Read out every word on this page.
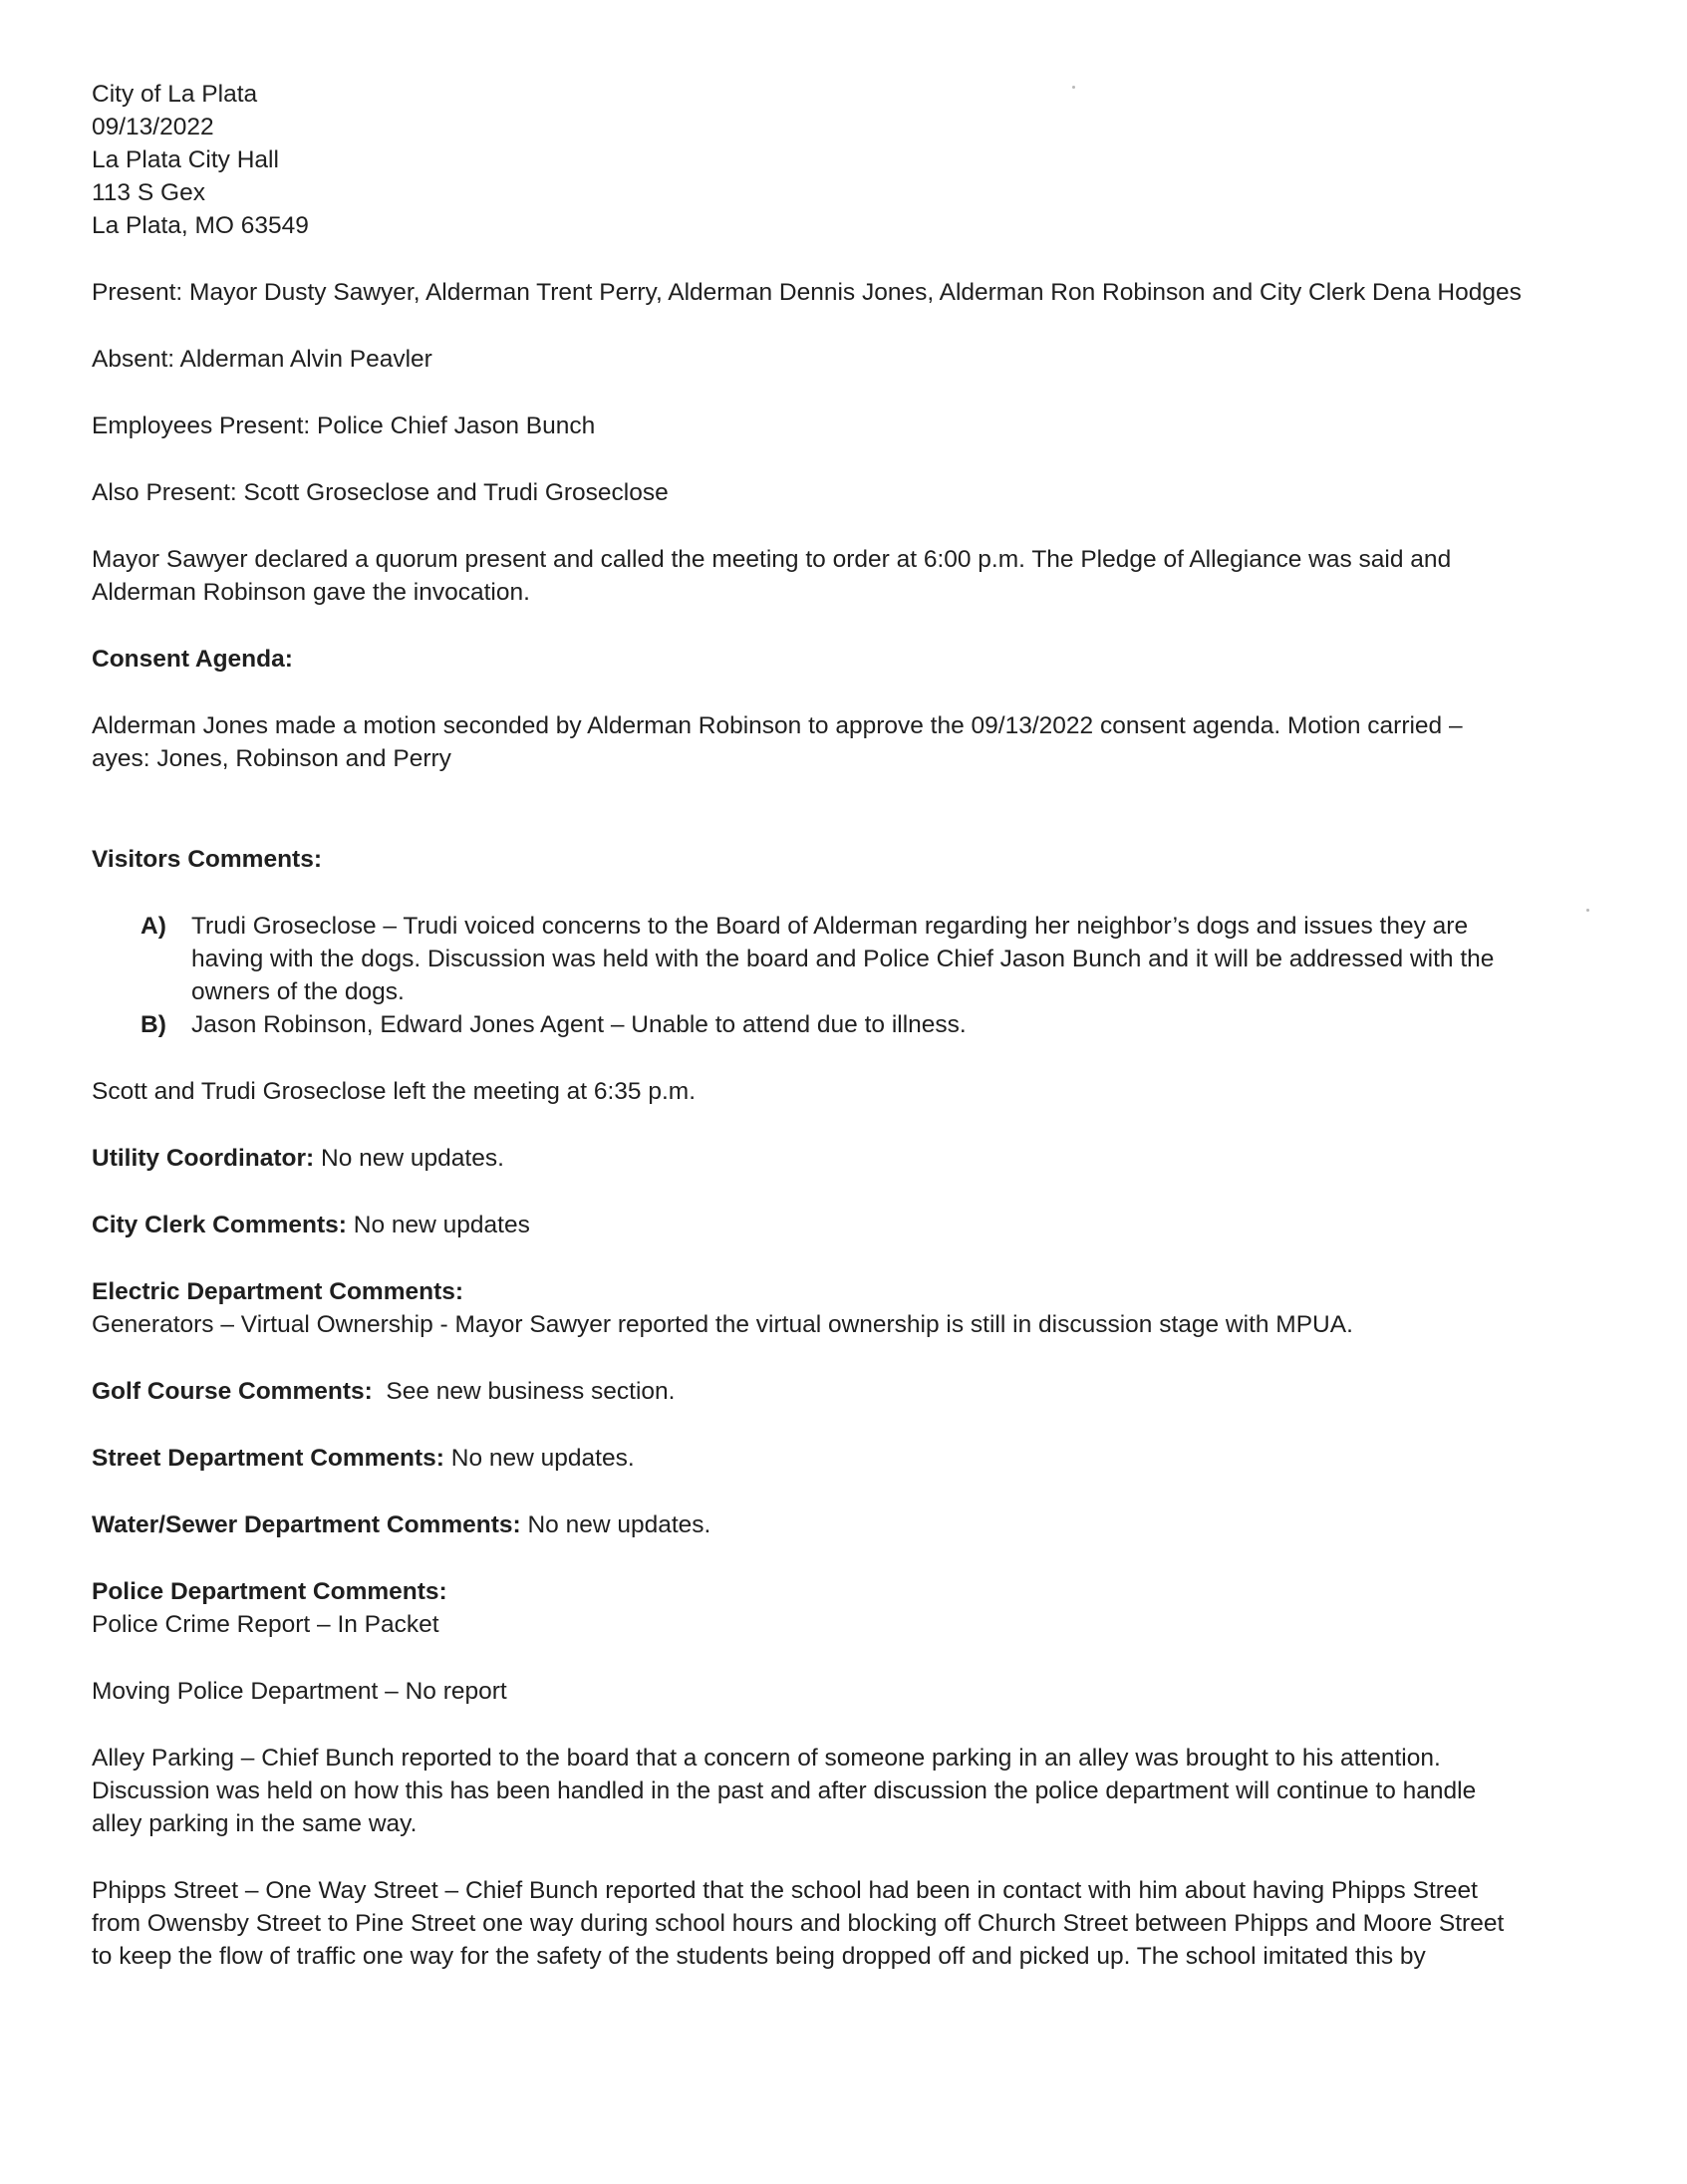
City of La Plata
09/13/2022
La Plata City Hall
113 S Gex
La Plata, MO 63549

Present: Mayor Dusty Sawyer, Alderman Trent Perry, Alderman Dennis Jones, Alderman Ron Robinson and City Clerk Dena Hodges

Absent: Alderman Alvin Peavler

Employees Present: Police Chief Jason Bunch

Also Present: Scott Groseclose and Trudi Groseclose

Mayor Sawyer declared a quorum present and called the meeting to order at 6:00 p.m. The Pledge of Allegiance was said and
Alderman Robinson gave the invocation.

Consent Agenda:

Alderman Jones made a motion seconded by Alderman Robinson to approve the 09/13/2022 consent agenda. Motion carried –
ayes: Jones, Robinson and Perry

Visitors Comments:

A) Trudi Groseclose – Trudi voiced concerns to the Board of Alderman regarding her neighbor’s dogs and issues they are
having with the dogs. Discussion was held with the board and Police Chief Jason Bunch and it will be addressed with the
owners of the dogs.
B) Jason Robinson, Edward Jones Agent – Unable to attend due to illness.

Scott and Trudi Groseclose left the meeting at 6:35 p.m.

Utility Coordinator: No new updates.

City Clerk Comments: No new updates

Electric Department Comments:
Generators – Virtual Ownership - Mayor Sawyer reported the virtual ownership is still in discussion stage with MPUA.

Golf Course Comments:  See new business section.

Street Department Comments: No new updates.

Water/Sewer Department Comments: No new updates.

Police Department Comments:
Police Crime Report – In Packet

Moving Police Department – No report

Alley Parking – Chief Bunch reported to the board that a concern of someone parking in an alley was brought to his attention.
Discussion was held on how this has been handled in the past and after discussion the police department will continue to handle
alley parking in the same way.
Phipps Street – One Way Street – Chief Bunch reported that the school had been in contact with him about having Phipps Street
from Owensby Street to Pine Street one way during school hours and blocking off Church Street between Phipps and Moore Street
to keep the flow of traffic one way for the safety of the students being dropped off and picked up. The school imitated this by
